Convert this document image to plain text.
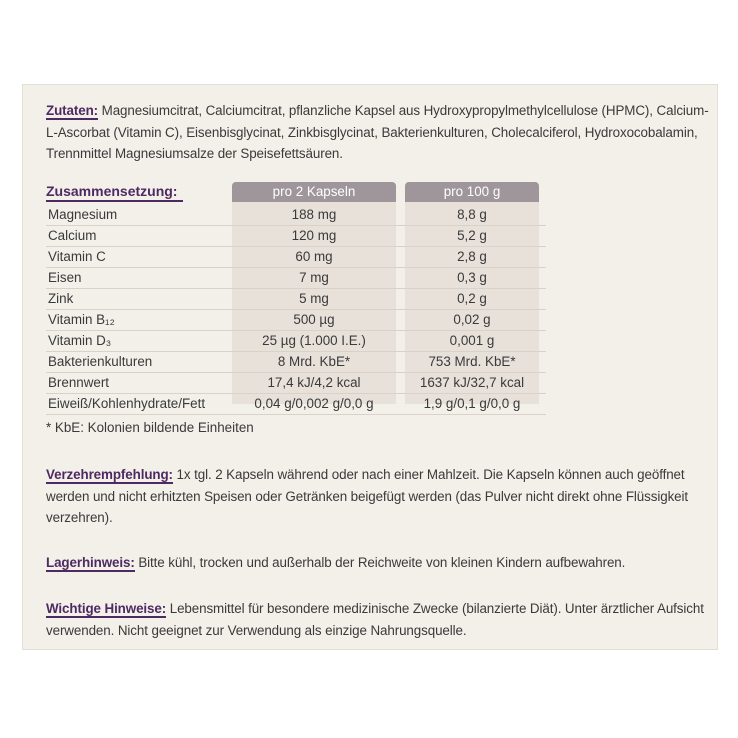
Zutaten: Magnesiumcitrat, Calciumcitrat, pflanzliche Kapsel aus Hydroxypropylmethylcellulose (HPMC), Calcium-L-Ascorbat (Vitamin C), Eisenbisglycinat, Zinkbisglycinat, Bakterienkulturen, Cholecalciferol, Hydroxocobalamin, Trennmittel Magnesiumsalze der Speisefettsäuren.
Zusammensetzung:	pro 2 Kapseln	pro 100 g
Magnesium	188 mg	8,8 g
Calcium	120 mg	5,2 g
Vitamin C	60 mg	2,8 g
Eisen	7 mg	0,3 g
Zink	5 mg	0,2 g
Vitamin B₁₂	500 µg	0,02 g
Vitamin D₃	25 µg (1.000 I.E.)	0,001 g
Bakterienkulturen	8 Mrd. KbE*	753 Mrd. KbE*
Brennwert	17,4 kJ/4,2 kcal	1637 kJ/32,7 kcal
Eiweiß/Kohlenhydrate/Fett	0,04 g/0,002 g/0,0 g	1,9 g/0,1 g/0,0 g
* KbE: Kolonien bildende Einheiten
Verzehrempfehlung: 1x tgl. 2 Kapseln während oder nach einer Mahlzeit. Die Kapseln können auch geöffnet werden und nicht erhitzten Speisen oder Getränken beigefügt werden (das Pulver nicht direkt ohne Flüssigkeit verzehren).
Lagerhinweis: Bitte kühl, trocken und außerhalb der Reichweite von kleinen Kindern aufbewahren.
Wichtige Hinweise: Lebensmittel für besondere medizinische Zwecke (bilanzierte Diät). Unter ärztlicher Aufsicht verwenden. Nicht geeignet zur Verwendung als einzige Nahrungsquelle.
